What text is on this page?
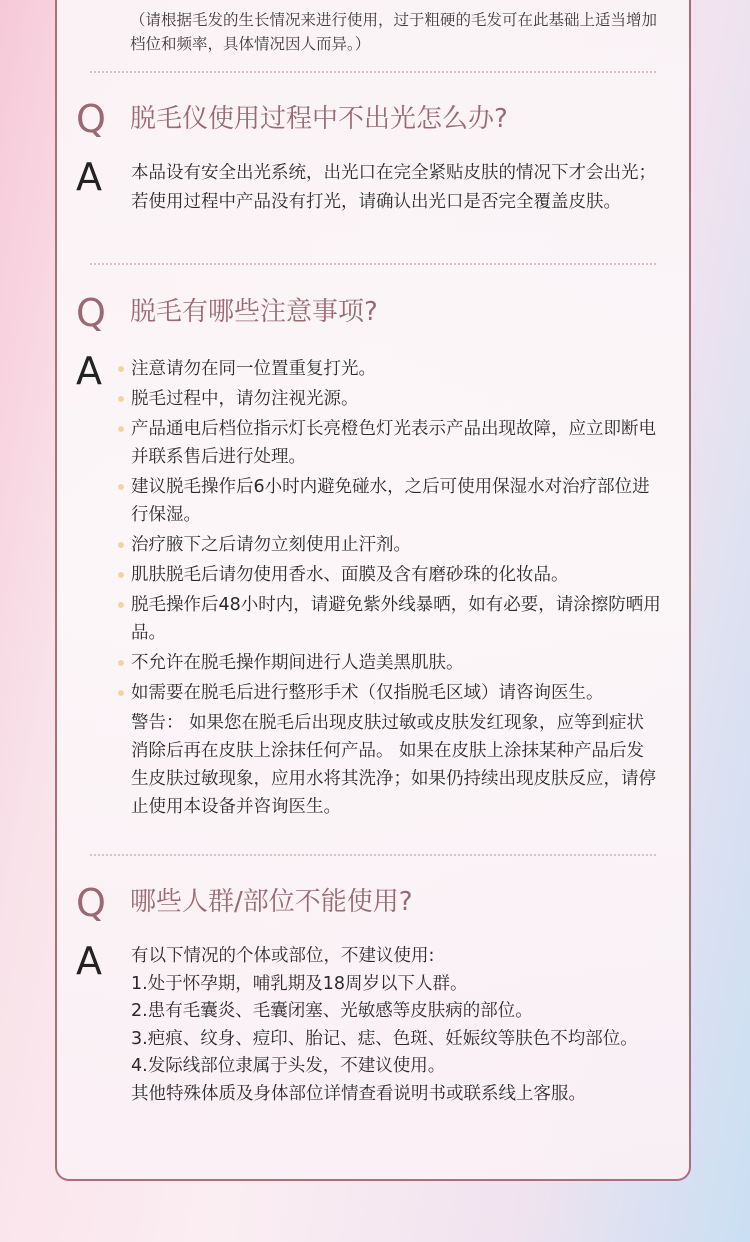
（请根据毛发的生长情况来进行使用，过于粗硬的毛发可在此基础上适当增加档位和频率，具体情况因人而异。）
Q 脱毛仪使用过程中不出光怎么办?
A 本品设有安全出光系统，出光口在完全紧贴皮肤的情况下才会出光；若使用过程中产品没有打光，请确认出光口是否完全覆盖皮肤。
Q 脱毛有哪些注意事项?
A 注意请勿在同一位置重复打光。
脱毛过程中，请勿注视光源。
产品通电后档位指示灯长亮橙色灯光表示产品出现故障，应立即断电并联系售后进行处理。
建议脱毛操作后6小时内避免碰水，之后可使用保湿水对治疗部位进行保湿。
治疗腋下之后请勿立刻使用止汗剂。
肌肤脱毛后请勿使用香水、面膜及含有磨砂珠的化妆品。
脱毛操作后48小时内，请避免紫外线暴晒，如有必要，请涂擦防晒用品。
不允许在脱毛操作期间进行人造美黑肌肤。
如需要在脱毛后进行整形手术（仅指脱毛区域）请咨询医生。
警告： 如果您在脱毛后出现皮肤过敏或皮肤发红现象，应等到症状消除后再在皮肤上涂抹任何产品。 如果在皮肤上涂抹某种产品后发生皮肤过敏现象，应用水将其洗净；如果仍持续出现皮肤反应，请停止使用本设备并咨询医生。
Q 哪些人群/部位不能使用?
A 有以下情况的个体或部位，不建议使用:

1.处于怀孕期，哺乳期及18周岁以下人群。

2.患有毛囊炎、毛囊闭塞、光敏感等皮肤病的部位。

3.疤痕、纹身、痘印、胎记、痣、色斑、妊娠纹等肤色不均部位。

4.发际线部位隶属于头发，不建议使用。

其他特殊体质及身体部位详情查看说明书或联系线上客服。
